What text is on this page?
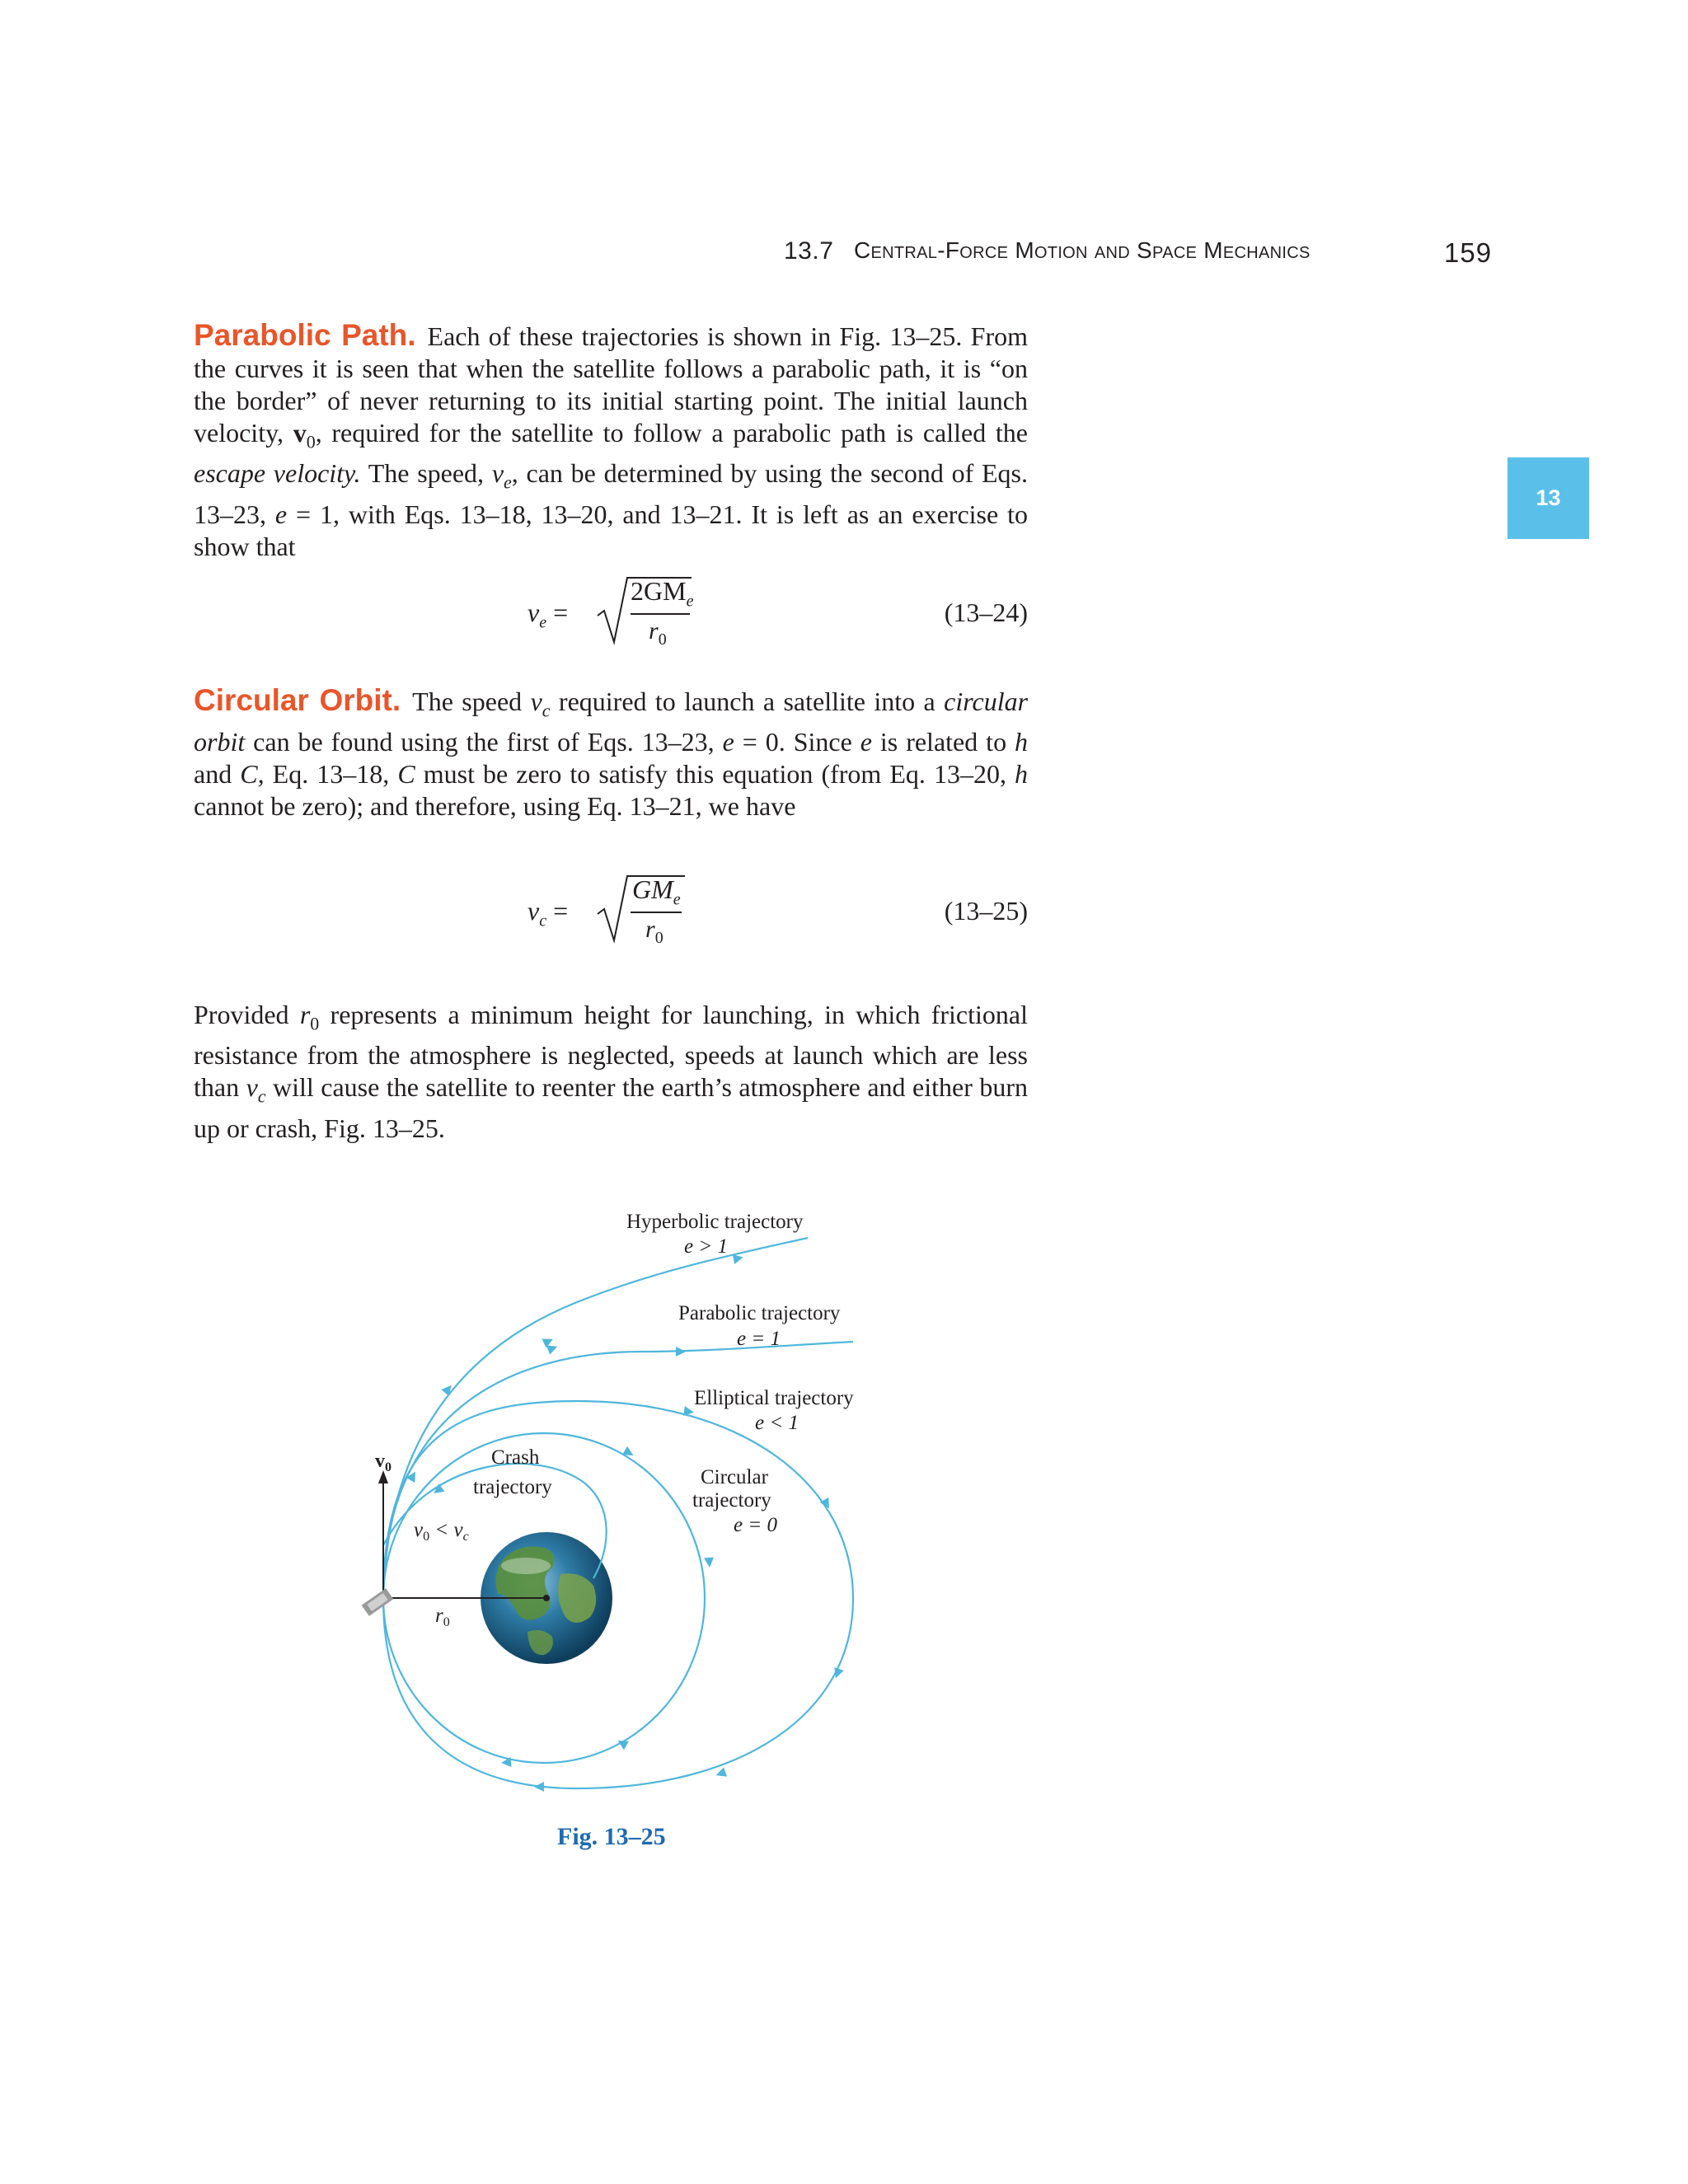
13.7 Central-Force Motion and Space Mechanics	159
13
Parabolic Path. Each of these trajectories is shown in Fig. 13–25. From the curves it is seen that when the satellite follows a parabolic path, it is “on the border” of never returning to its initial starting point. The initial launch velocity, $v_0$, required for the satellite to follow a parabolic path is called the escape velocity. The speed, $v_e$, can be determined by using the second of Eqs. 13–23, e = 1, with Eqs. 13–18, 13–20, and 13–21. It is left as an exercise to show that
$v_e$ =
$2GM_e$
$r_0$
(13–24)
Circular Orbit. The speed $v_c$ required to launch a satellite into a circular orbit can be found using the first of Eqs. 13–23, e = 0. Since e is related to h and C, Eq. 13–18, C must be zero to satisfy this equation (from Eq. 13–20, h cannot be zero); and therefore, using Eq. 13–21, we have
$v_c$ =
$GM_e$
$r_0$
(13–25)
Provided $r_0$ represents a minimum height for launching, in which frictional resistance from the atmosphere is neglected, speeds at launch which are less than $v_c$ will cause the satellite to reenter the earth’s atmosphere and either burn up or crash, Fig. 13–25.
Hyperbolic trajectory
e > 1
Parabolic trajectory
e = 1
Elliptical trajectory
e < 1
Circular
trajectory
e = 0
Crash
trajectory
$v_0$
$v_0 < v_c$
$r_0$
Fig. 13–25
